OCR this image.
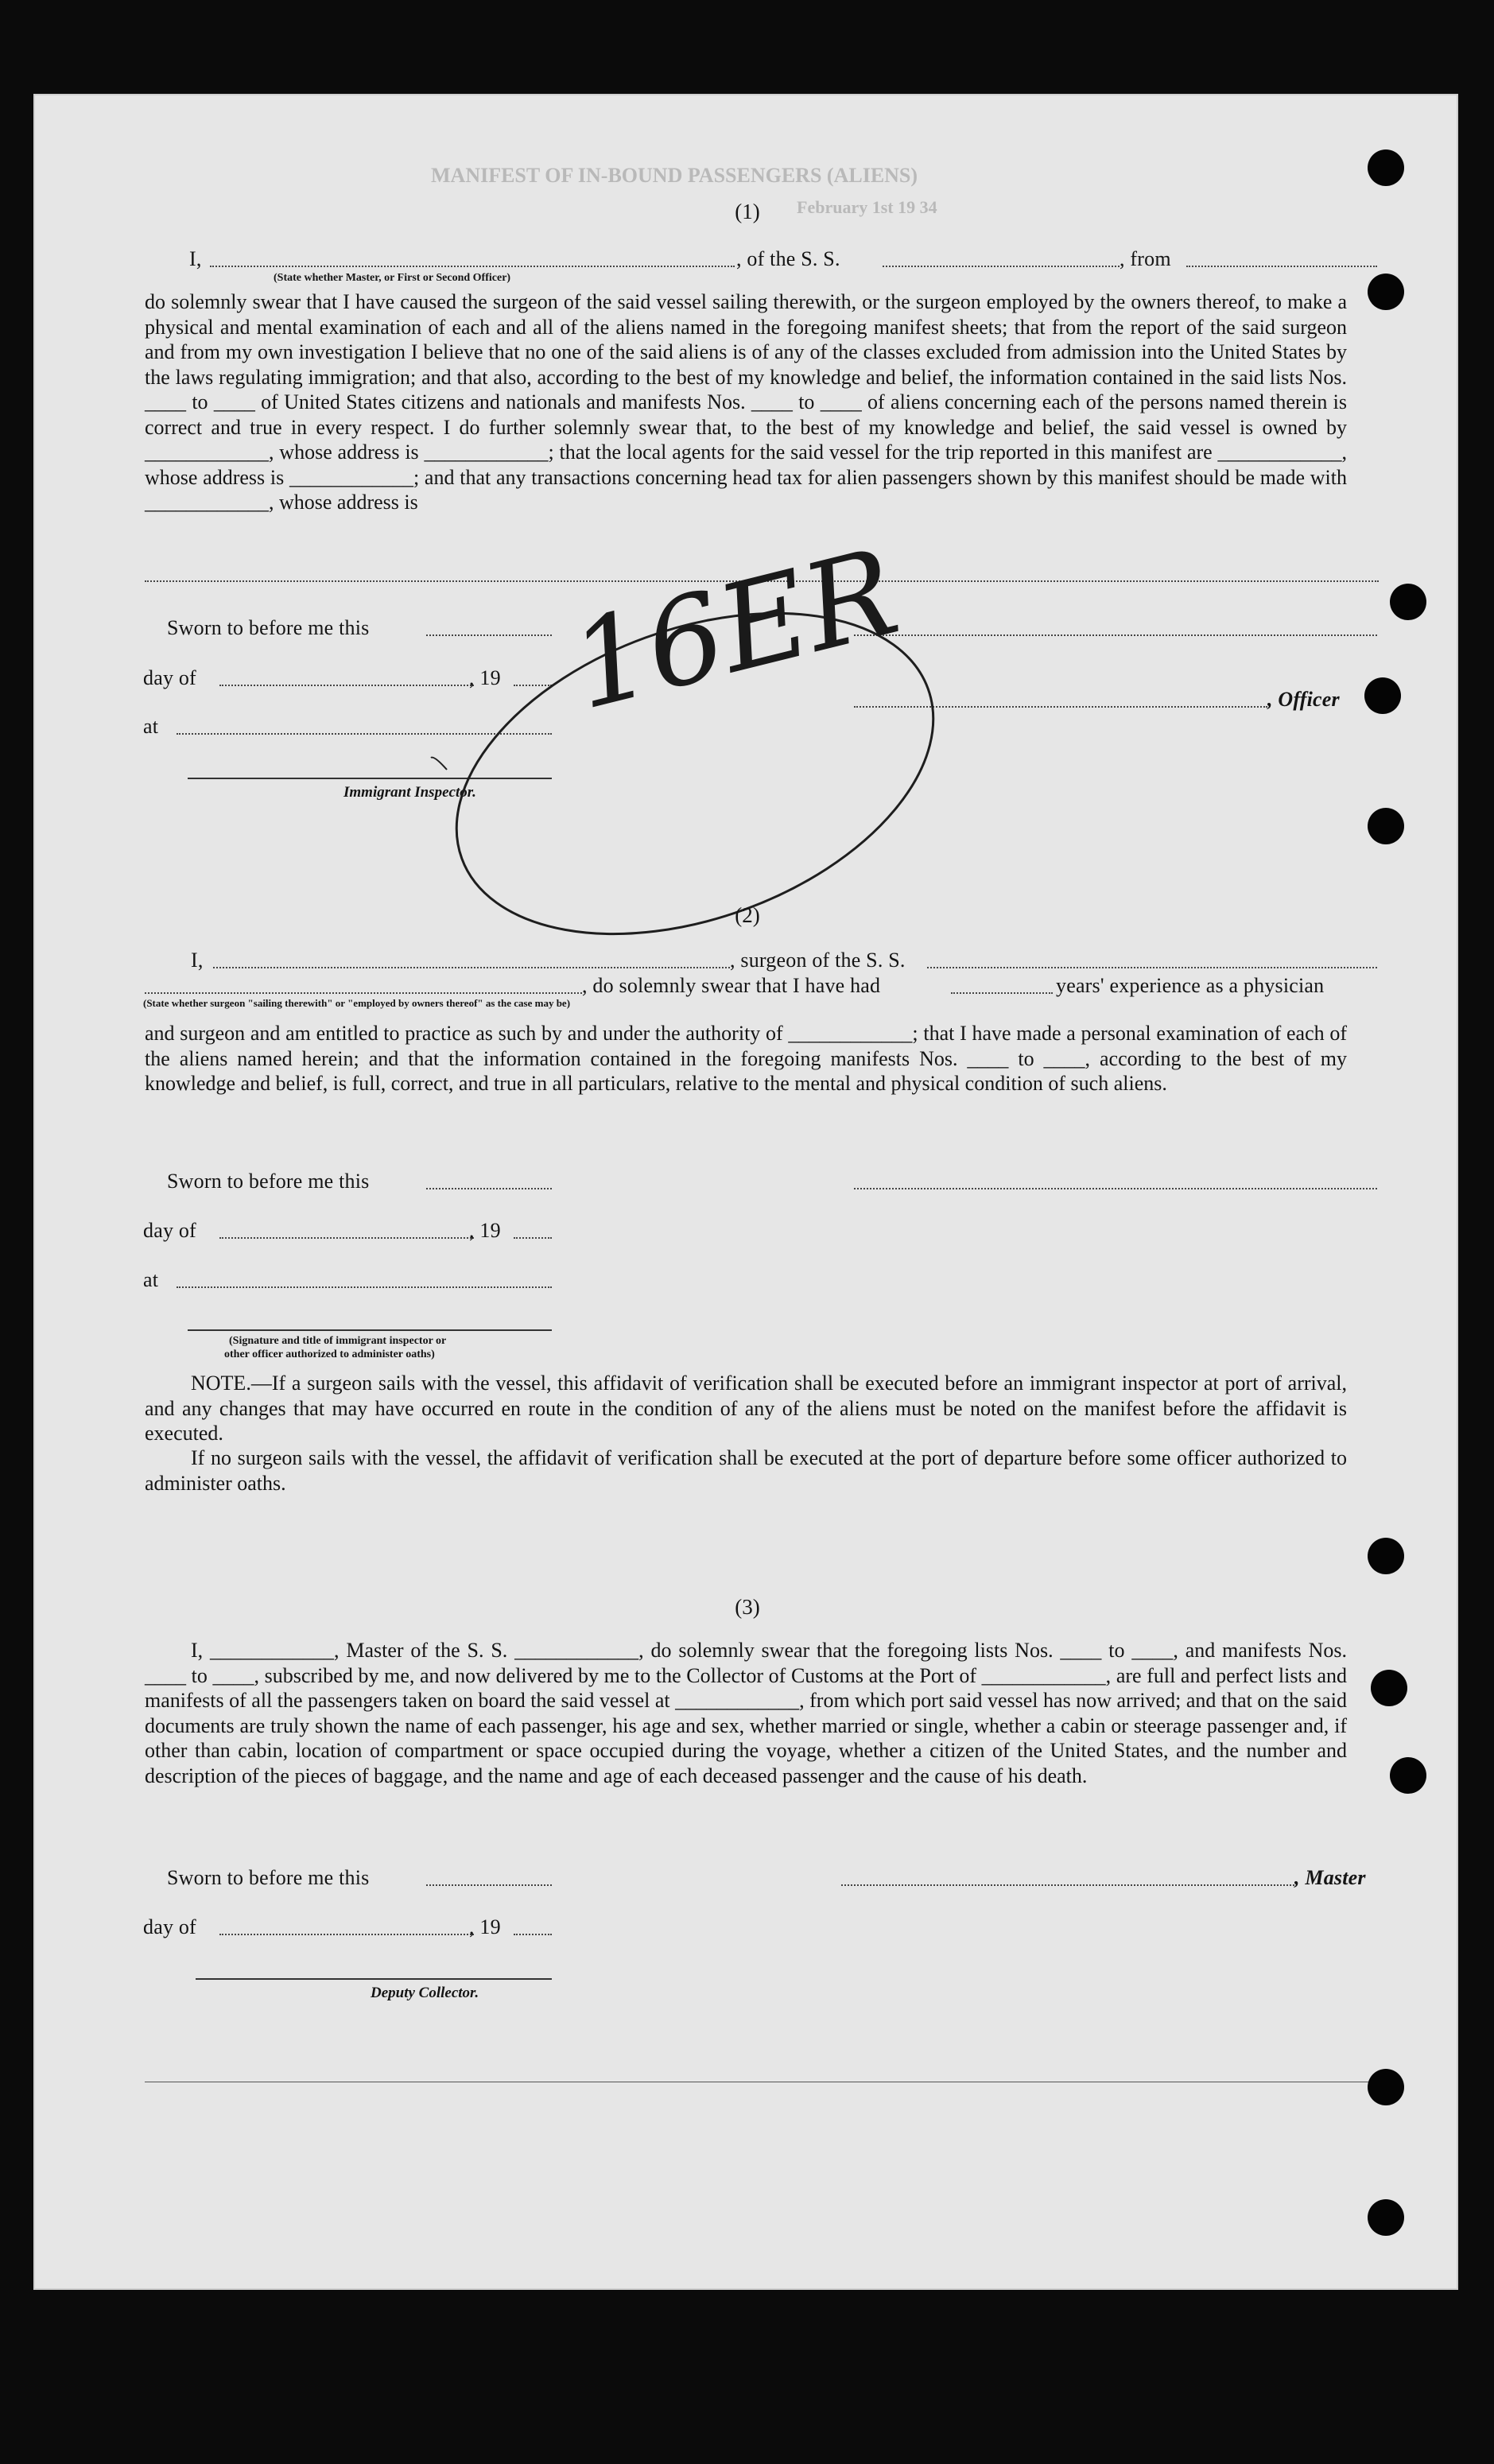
MANIFEST OF IN-BOUND PASSENGERS (ALIENS)
February 1st 19 34
(1)
I,	, of the S. S.	, from
(State whether Master, or First or Second Officer)
do solemnly swear that I have caused the surgeon of the said vessel sailing therewith, or the surgeon employed by the owners thereof, to make a physical and mental examination of each and all of the aliens named in the foregoing manifest sheets; that from the report of the said surgeon and from my own investigation I believe that no one of the said aliens is of any of the classes excluded from admission into the United States by the laws regulating immigration; and that also, according to the best of my knowledge and belief, the information contained in the said lists Nos. ____ to ____ of United States citizens and nationals and manifests Nos. ____ to ____ of aliens concerning each of the persons named therein is correct and true in every respect. I do further solemnly swear that, to the best of my knowledge and belief, the said vessel is owned by ____________, whose address is ____________; that the local agents for the said vessel for the trip reported in this manifest are ____________, whose address is ____________; and that any transactions concerning head tax for alien passengers shown by this manifest should be made with ____________, whose address is
Sworn to before me this
day of	, 19
, Officer
at
Immigrant Inspector.
16ER
(2)
I,	, surgeon of the S. S.
, do solemnly swear that I have had	years' experience as a physician
(State whether surgeon "sailing therewith" or "employed by owners thereof" as the case may be)
and surgeon and am entitled to practice as such by and under the authority of ____________; that I have made a personal examination of each of the aliens named herein; and that the information contained in the foregoing manifests Nos. ____ to ____, according to the best of my knowledge and belief, is full, correct, and true in all particulars, relative to the mental and physical condition of such aliens.
Sworn to before me this
day of	, 19
at
(Signature and title of immigrant inspector or
other officer authorized to administer oaths)
NOTE.—If a surgeon sails with the vessel, this affidavit of verification shall be executed before an immigrant inspector at port of arrival, and any changes that may have occurred en route in the condition of any of the aliens must be noted on the manifest before the affidavit is executed.
If no surgeon sails with the vessel, the affidavit of verification shall be executed at the port of departure before some officer authorized to administer oaths.
(3)
I, ____________, Master of the S. S. ____________, do solemnly swear that the foregoing lists Nos. ____ to ____, and manifests Nos. ____ to ____, subscribed by me, and now delivered by me to the Collector of Customs at the Port of ____________, are full and perfect lists and manifests of all the passengers taken on board the said vessel at ____________, from which port said vessel has now arrived; and that on the said documents are truly shown the name of each passenger, his age and sex, whether married or single, whether a cabin or steerage passenger and, if other than cabin, location of compartment or space occupied during the voyage, whether a citizen of the United States, and the number and description of the pieces of baggage, and the name and age of each deceased passenger and the cause of his death.
Sworn to before me this	, Master
day of	, 19
Deputy Collector.
